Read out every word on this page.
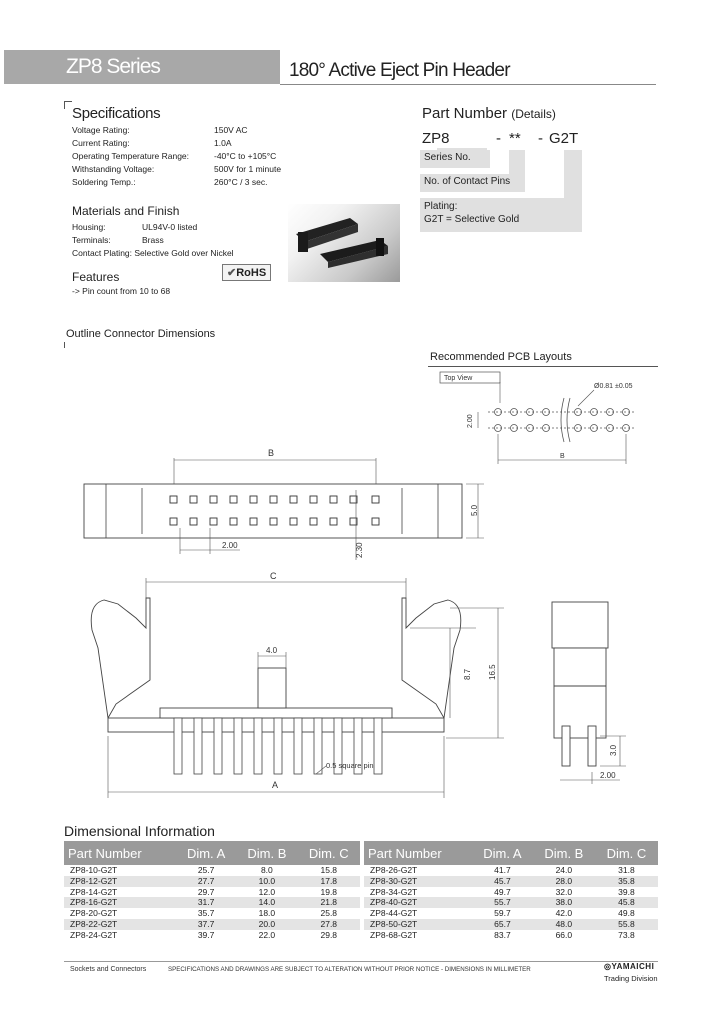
ZP8 Series	180° Active Eject Pin Header
Specifications
Voltage Rating:	150V AC
Current Rating:	1.0A
Operating Temperature Range:	-40°C to +105°C
Withstanding Voltage:	500V for 1 minute
Soldering Temp.:	260°C / 3 sec.
Materials and Finish
Housing:	UL94V-0 listed
Terminals:	Brass
Contact Plating: Selective Gold over Nickel
Features
-> Pin count from 10 to 68
✔RoHS
Part Number (Details)
ZP8	- ** - G2T
Series No.
No. of Contact Pins
Plating:
G2T = Selective Gold
Outline Connector Dimensions
Recommended PCB Layouts
Top View
Ø0.81 ±0.05
2.00
B
B
2.00	2.30
5.0
C
4.0
8.7 16.5
0.5 square pin
A
3.0
2.00
Dimensional Information
Part Number	Dim. A	Dim. B	Dim. C
ZP8-10-G2T	25.7	8.0	15.8
ZP8-12-G2T	27.7	10.0	17.8
ZP8-14-G2T	29.7	12.0	19.8
ZP8-16-G2T	31.7	14.0	21.8
ZP8-20-G2T	35.7	18.0	25.8
ZP8-22-G2T	37.7	20.0	27.8
ZP8-24-G2T	39.7	22.0	29.8
Part Number	Dim. A	Dim. B	Dim. C
ZP8-26-G2T	41.7	24.0	31.8
ZP8-30-G2T	45.7	28.0	35.8
ZP8-34-G2T	49.7	32.0	39.8
ZP8-40-G2T	55.7	38.0	45.8
ZP8-44-G2T	59.7	42.0	49.8
ZP8-50-G2T	65.7	48.0	55.8
ZP8-68-G2T	83.7	66.0	73.8
Sockets and Connectors	SPECIFICATIONS AND DRAWINGS ARE SUBJECT TO ALTERATION WITHOUT PRIOR NOTICE - DIMENSIONS IN MILLIMETER	◎YAMAICHI
Trading Division
